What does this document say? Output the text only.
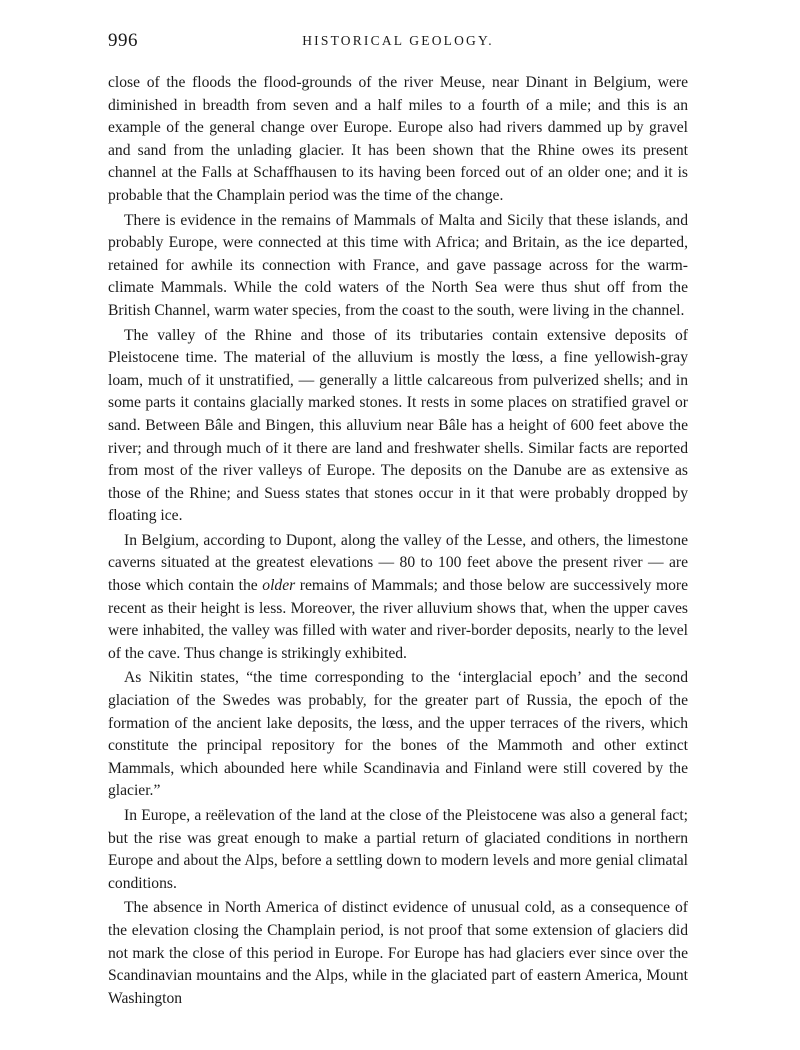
996	HISTORICAL GEOLOGY.

close of the floods the flood-grounds of the river Meuse, near Dinant in Belgium, were diminished in breadth from seven and a half miles to a fourth of a mile; and this is an example of the general change over Europe. Europe also had rivers dammed up by gravel and sand from the unlading glacier. It has been shown that the Rhine owes its present channel at the Falls at Schaffhausen to its having been forced out of an older one; and it is probable that the Champlain period was the time of the change.

There is evidence in the remains of Mammals of Malta and Sicily that these islands, and probably Europe, were connected at this time with Africa; and Britain, as the ice departed, retained for awhile its connection with France, and gave passage across for the warm-climate Mammals. While the cold waters of the North Sea were thus shut off from the British Channel, warm water species, from the coast to the south, were living in the channel.

The valley of the Rhine and those of its tributaries contain extensive deposits of Pleistocene time. The material of the alluvium is mostly the lœss, a fine yellowish-gray loam, much of it unstratified, — generally a little calcareous from pulverized shells; and in some parts it contains glacially marked stones. It rests in some places on stratified gravel or sand. Between Bâle and Bingen, this alluvium near Bâle has a height of 600 feet above the river; and through much of it there are land and freshwater shells. Similar facts are reported from most of the river valleys of Europe. The deposits on the Danube are as extensive as those of the Rhine; and Suess states that stones occur in it that were probably dropped by floating ice.

In Belgium, according to Dupont, along the valley of the Lesse, and others, the limestone caverns situated at the greatest elevations — 80 to 100 feet above the present river — are those which contain the older remains of Mammals; and those below are successively more recent as their height is less. Moreover, the river alluvium shows that, when the upper caves were inhabited, the valley was filled with water and river-border deposits, nearly to the level of the cave. Thus change is strikingly exhibited.

As Nikitin states, “the time corresponding to the ‘interglacial epoch’ and the second glaciation of the Swedes was probably, for the greater part of Russia, the epoch of the formation of the ancient lake deposits, the lœss, and the upper terraces of the rivers, which constitute the principal repository for the bones of the Mammoth and other extinct Mammals, which abounded here while Scandinavia and Finland were still covered by the glacier.”

In Europe, a reëlevation of the land at the close of the Pleistocene was also a general fact; but the rise was great enough to make a partial return of glaciated conditions in northern Europe and about the Alps, before a settling down to modern levels and more genial climatal conditions.

The absence in North America of distinct evidence of unusual cold, as a consequence of the elevation closing the Champlain period, is not proof that some extension of glaciers did not mark the close of this period in Europe. For Europe has had glaciers ever since over the Scandinavian mountains and the Alps, while in the glaciated part of eastern America, Mount Washington
